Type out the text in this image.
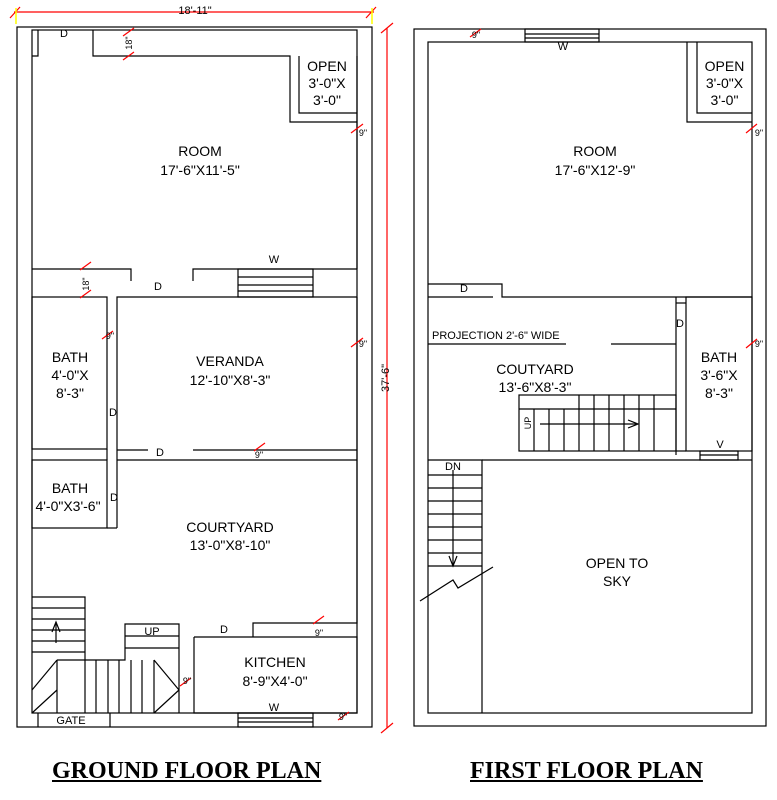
18'-11"
37'-6"
D
18"
OPEN
3'-0"X
3'-0"
9"
ROOM
17'-6"X11'-5"
W
18"	D
BATH
4'-0"X
8'-3"
9"
9"
VERANDA
12'-10"X8'-3"
D
D	9"
BATH
4'-0"X3'-6" D
COURTYARD
13'-0"X8'-10"
UP	D	9"
9"
KITCHEN
8'-9"X4'-0"
W
9"
GATE
GROUND FLOOR PLAN
9"
W
OPEN
3'-0"X
3'-0"
9"
ROOM
17'-6"X12'-9"
D
PROJECTION 2'-6" WIDE
D
9"
COUTYARD
13'-6"X8'-3"
BATH
3'-6"X
8'-3"
UP
V
DN
OPEN TO
SKY
FIRST FLOOR PLAN
